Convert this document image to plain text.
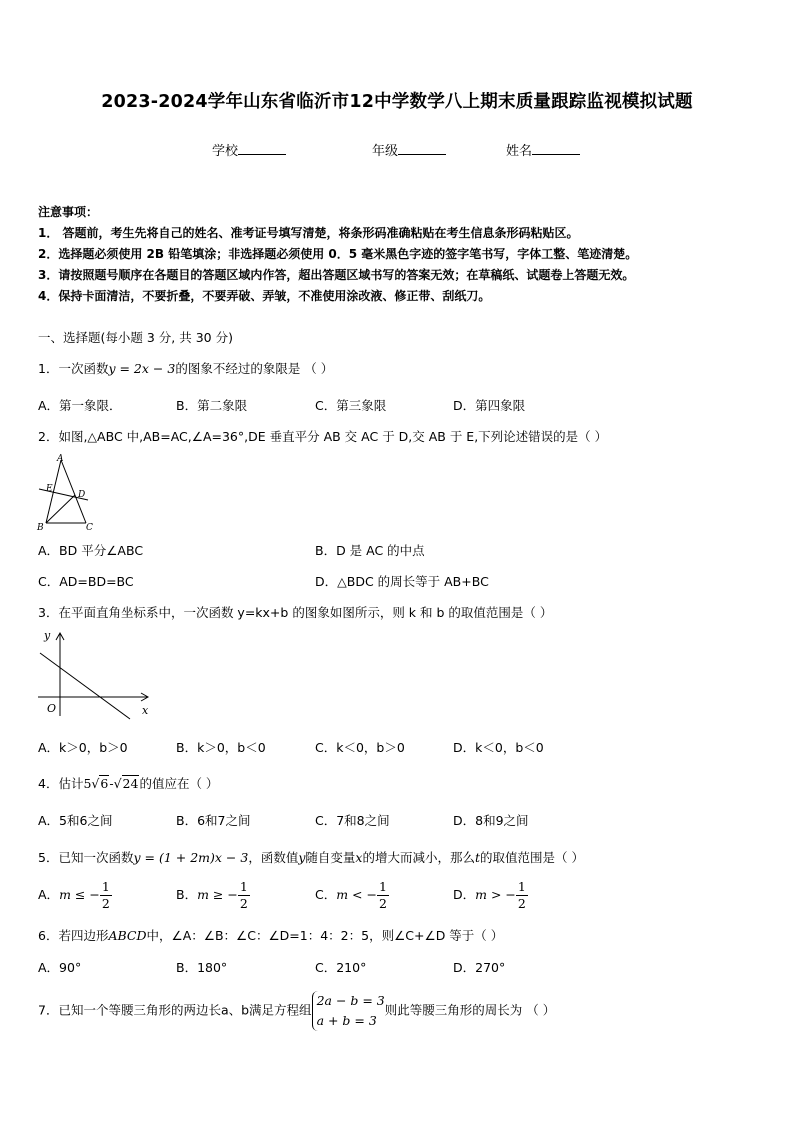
2023-2024学年山东省临沂市12中学数学八上期末质量跟踪监视模拟试题
学校	年级	姓名
注意事项：
1． 答题前，考生先将自己的姓名、准考证号填写清楚，将条形码准确粘贴在考生信息条形码粘贴区。
2．选择题必须使用 2B 铅笔填涂；非选择题必须使用 0．5 毫米黑色字迹的签字笔书写，字体工整、笔迹清楚。
3．请按照题号顺序在各题目的答题区域内作答，超出答题区域书写的答案无效；在草稿纸、试题卷上答题无效。
4．保持卡面清洁，不要折叠，不要弄破、弄皱，不准使用涂改液、修正带、刮纸刀。
一、选择题(每小题 3 分, 共 30 分)
1．一次函数y = 2x − 3的图象不经过的象限是 （ ）
A．第一象限．	B．第二象限	C．第三象限	D．第四象限
2．如图,△ABC 中,AB=AC,∠A=36°,DE 垂直平分 AB 交 AC 于 D,交 AB 于 E,下列论述错误的是（ ）
A
E
D
B	C
A．BD 平分∠ABC	B．D 是 AC 的中点
C．AD=BD=BC	D．△BDC 的周长等于 AB+BC
3．在平面直角坐标系中，一次函数 y=kx+b 的图象如图所示，则 k 和 b 的取值范围是（ ）
y
x
O
A．k＞0，b＞0	B．k＞0，b＜0	C．k＜0，b＞0	D．k＜0，b＜0
4．估计5√6-√24的值应在（ ）
A．5和6之间	B．6和7之间	C．7和8之间	D．8和9之间
5．已知一次函数y = (1 + 2m)x − 3，函数值y随自变量x的增大而减小，那么t的取值范围是（ ）
A．m ≤ − $\frac{1}{2}$	B．m ≥ − $\frac{1}{2}$	C．m < − $\frac{1}{2}$	D．m > − $\frac{1}{2}$
6．若四边形ABCD中，∠A：∠B：∠C：∠D=1：4：2：5，则∠C+∠D 等于（ ）
A．90°	B．180°	C．210°	D．270°
7．已知一个等腰三角形的两边长a、b满足方程组
2a − b = 3
a + b = 3
则此等腰三角形的周长为 （ ）
